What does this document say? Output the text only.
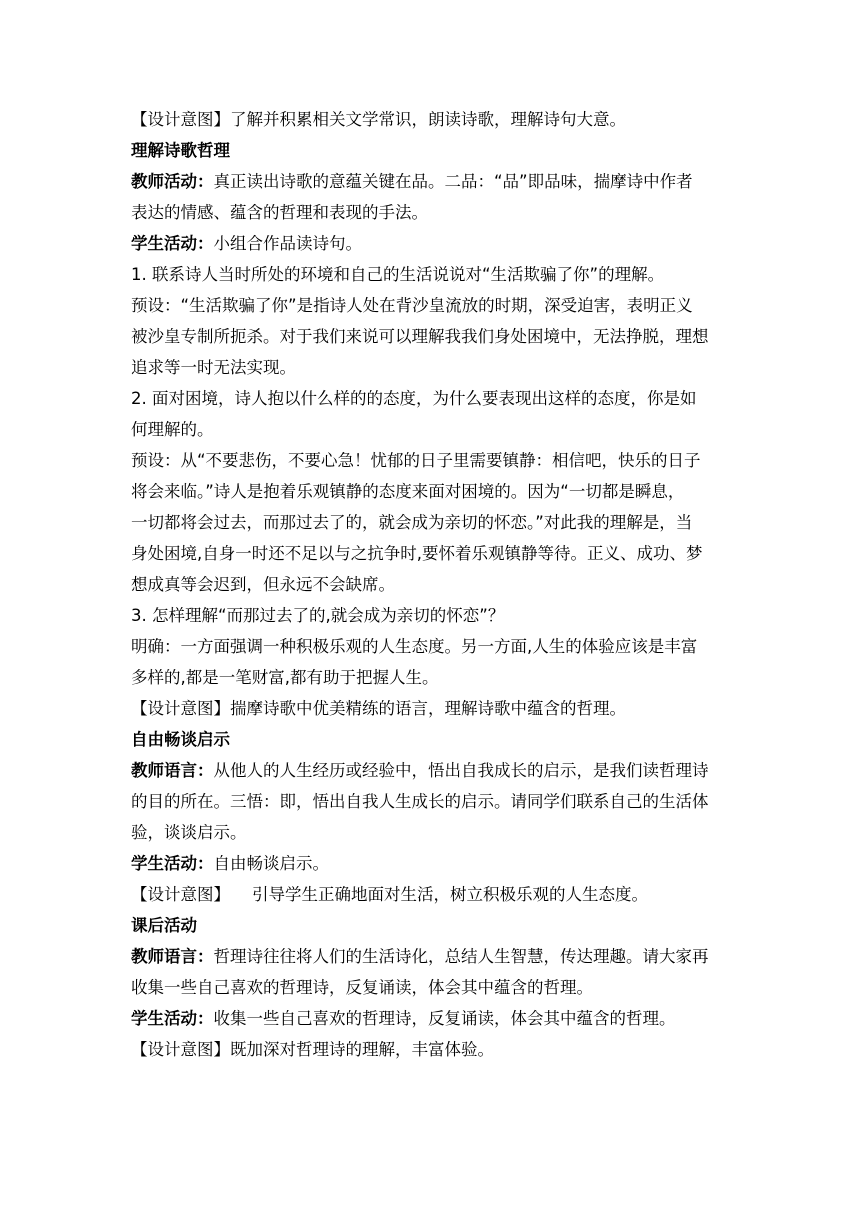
【设计意图】了解并积累相关文学常识，朗读诗歌，理解诗句大意。

理解诗歌哲理

教师活动：真正读出诗歌的意蕴关键在品。二品：“品”即品味，揣摩诗中作者
表达的情感、蕴含的哲理和表现的手法。

学生活动：小组合作品读诗句。

1. 联系诗人当时所处的环境和自己的生活说说对“生活欺骗了你”的理解。

预设：“生活欺骗了你”是指诗人处在背沙皇流放的时期，深受迫害，表明正义
被沙皇专制所扼杀。对于我们来说可以理解我我们身处困境中，无法挣脱，理想
追求等一时无法实现。

2. 面对困境，诗人抱以什么样的的态度，为什么要表现出这样的态度，你是如
何理解的。

预设：从“不要悲伤，不要心急！忧郁的日子里需要镇静：相信吧，快乐的日子
将会来临。”诗人是抱着乐观镇静的态度来面对困境的。因为“一切都是瞬息，
一切都将会过去，而那过去了的，就会成为亲切的怀恋。”对此我的理解是，当
身处困境,自身一时还不足以与之抗争时,要怀着乐观镇静等待。正义、成功、梦
想成真等会迟到，但永远不会缺席。

3. 怎样理解“而那过去了的,就会成为亲切的怀恋”？

明确：一方面强调一种积极乐观的人生态度。另一方面,人生的体验应该是丰富
多样的,都是一笔财富,都有助于把握人生。

【设计意图】揣摩诗歌中优美精练的语言，理解诗歌中蕴含的哲理。

自由畅谈启示

教师语言：从他人的人生经历或经验中，悟出自我成长的启示，是我们读哲理诗
的目的所在。三悟：即，悟出自我人生成长的启示。请同学们联系自己的生活体
验，谈谈启示。

学生活动：自由畅谈启示。

【设计意图】 引导学生正确地面对生活，树立积极乐观的人生态度。

课后活动

教师语言：哲理诗往往将人们的生活诗化，总结人生智慧，传达理趣。请大家再
收集一些自己喜欢的哲理诗，反复诵读，体会其中蕴含的哲理。

学生活动：收集一些自己喜欢的哲理诗，反复诵读，体会其中蕴含的哲理。

【设计意图】既加深对哲理诗的理解，丰富体验。
